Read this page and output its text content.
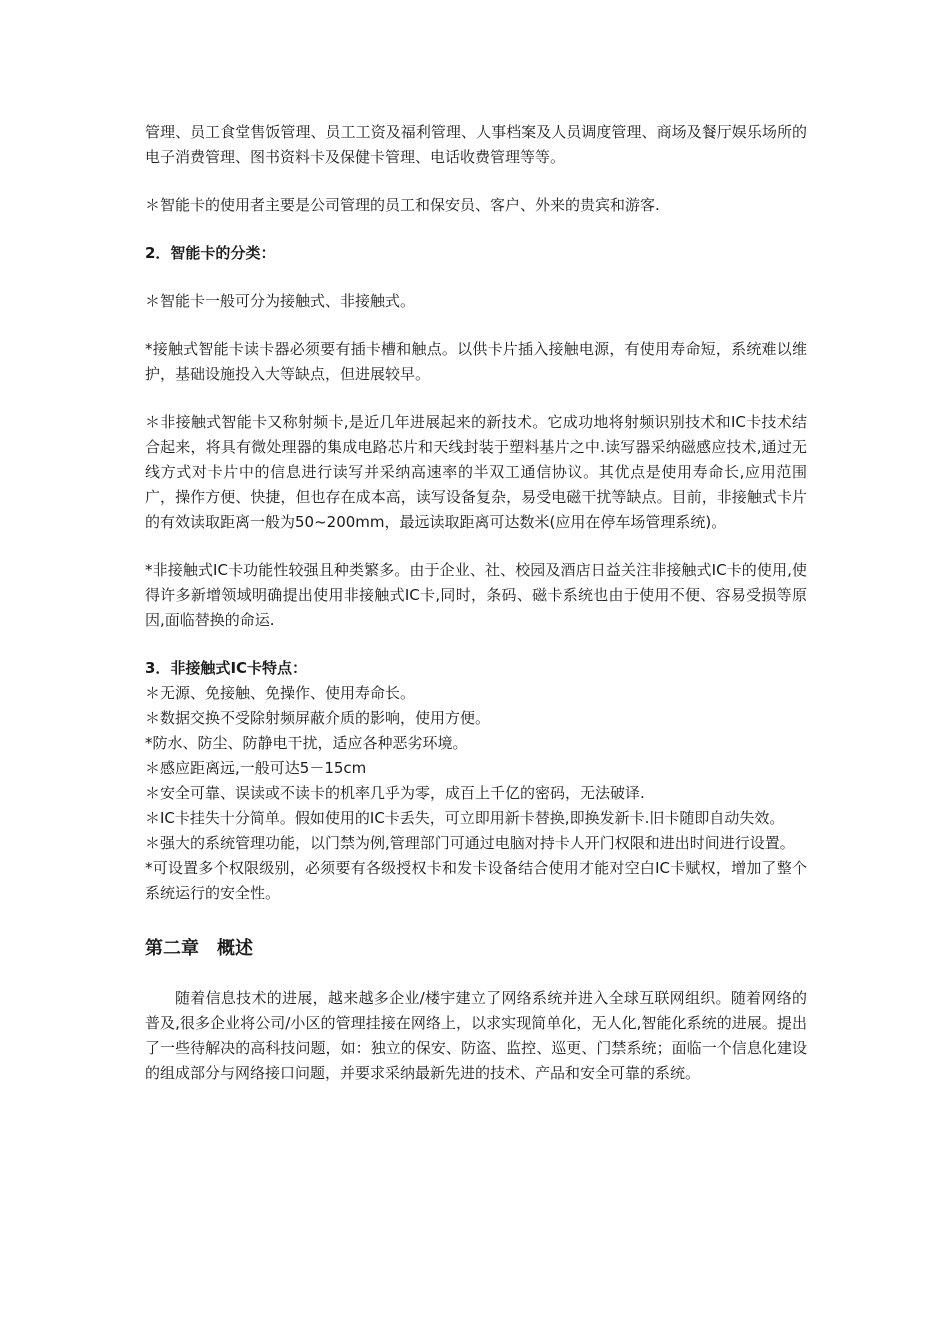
管理、员工食堂售饭管理、员工工资及福利管理、人事档案及人员调度管理、商场及餐厅娱乐场所的电子消费管理、图书资料卡及保健卡管理、电话收费管理等等。

＊智能卡的使用者主要是公司管理的员工和保安员、客户、外来的贵宾和游客.

2．智能卡的分类：

＊智能卡一般可分为接触式、非接触式。

*接触式智能卡读卡器必须要有插卡槽和触点。以供卡片插入接触电源，有使用寿命短，系统难以维护，基础设施投入大等缺点，但进展较早。

＊非接触式智能卡又称射频卡,是近几年进展起来的新技术。它成功地将射频识别技术和IC卡技术结合起来，将具有微处理器的集成电路芯片和天线封装于塑料基片之中.读写器采纳磁感应技术,通过无线方式对卡片中的信息进行读写并采纳高速率的半双工通信协议。其优点是使用寿命长,应用范围广，操作方便、快捷，但也存在成本高，读写设备复杂，易受电磁干扰等缺点。目前，非接触式卡片的有效读取距离一般为50~200mm，最远读取距离可达数米(应用在停车场管理系统)。

*非接触式IC卡功能性较强且种类繁多。由于企业、社、校园及酒店日益关注非接触式IC卡的使用,使得许多新增领域明确提出使用非接触式IC卡,同时，条码、磁卡系统也由于使用不便、容易受损等原因,面临替换的命运.

3．非接触式IC卡特点：

＊无源、免接触、免操作、使用寿命长。
＊数据交换不受除射频屏蔽介质的影响，使用方便。
*防水、防尘、防静电干扰，适应各种恶劣环境。
＊感应距离远,一般可达5－15cm
＊安全可靠、误读或不读卡的机率几乎为零，成百上千亿的密码，无法破译.
＊IC卡挂失十分简单。假如使用的IC卡丢失，可立即用新卡替换,即换发新卡.旧卡随即自动失效。
＊强大的系统管理功能，以门禁为例,管理部门可通过电脑对持卡人开门权限和进出时间进行设置。
*可设置多个权限级别，必须要有各级授权卡和发卡设备结合使用才能对空白IC卡赋权，增加了整个系统运行的安全性。

第二章　概述

随着信息技术的进展，越来越多企业/楼宇建立了网络系统并进入全球互联网组织。随着网络的普及,很多企业将公司/小区的管理挂接在网络上，以求实现简单化，无人化,智能化系统的进展。提出了一些待解决的高科技问题，如：独立的保安、防盗、监控、巡更、门禁系统；面临一个信息化建设的组成部分与网络接口问题，并要求采纳最新先进的技术、产品和安全可靠的系统。
